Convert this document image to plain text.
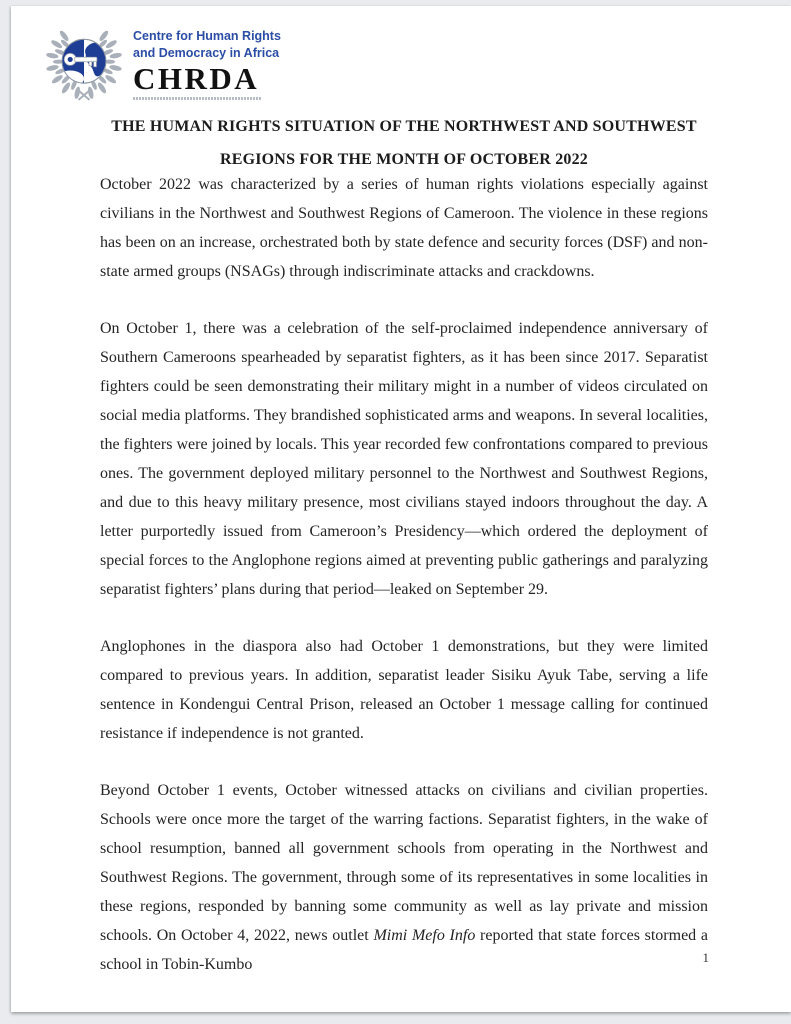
Centre for Human Rights
and Democracy in Africa
CHRDA
THE HUMAN RIGHTS SITUATION OF THE NORTHWEST AND SOUTHWEST
REGIONS FOR THE MONTH OF OCTOBER 2022

October 2022 was characterized by a series of human rights violations especially against civilians in the Northwest and Southwest Regions of Cameroon. The violence in these regions has been on an increase, orchestrated both by state defence and security forces (DSF) and non-state armed groups (NSAGs) through indiscriminate attacks and crackdowns.

On October 1, there was a celebration of the self-proclaimed independence anniversary of Southern Cameroons spearheaded by separatist fighters, as it has been since 2017. Separatist fighters could be seen demonstrating their military might in a number of videos circulated on social media platforms. They brandished sophisticated arms and weapons. In several localities, the fighters were joined by locals. This year recorded few confrontations compared to previous ones. The government deployed military personnel to the Northwest and Southwest Regions, and due to this heavy military presence, most civilians stayed indoors throughout the day. A letter purportedly issued from Cameroon’s Presidency—which ordered the deployment of special forces to the Anglophone regions aimed at preventing public gatherings and paralyzing separatist fighters’ plans during that period—leaked on September 29.

Anglophones in the diaspora also had October 1 demonstrations, but they were limited compared to previous years. In addition, separatist leader Sisiku Ayuk Tabe, serving a life sentence in Kondengui Central Prison, released an October 1 message calling for continued resistance if independence is not granted.

Beyond October 1 events, October witnessed attacks on civilians and civilian properties. Schools were once more the target of the warring factions. Separatist fighters, in the wake of school resumption, banned all government schools from operating in the Northwest and Southwest Regions. The government, through some of its representatives in some localities in these regions, responded by banning some community as well as lay private and mission schools. On October 4, 2022, news outlet Mimi Mefo Info reported that state forces stormed a school in Tobin-Kumbo	1
